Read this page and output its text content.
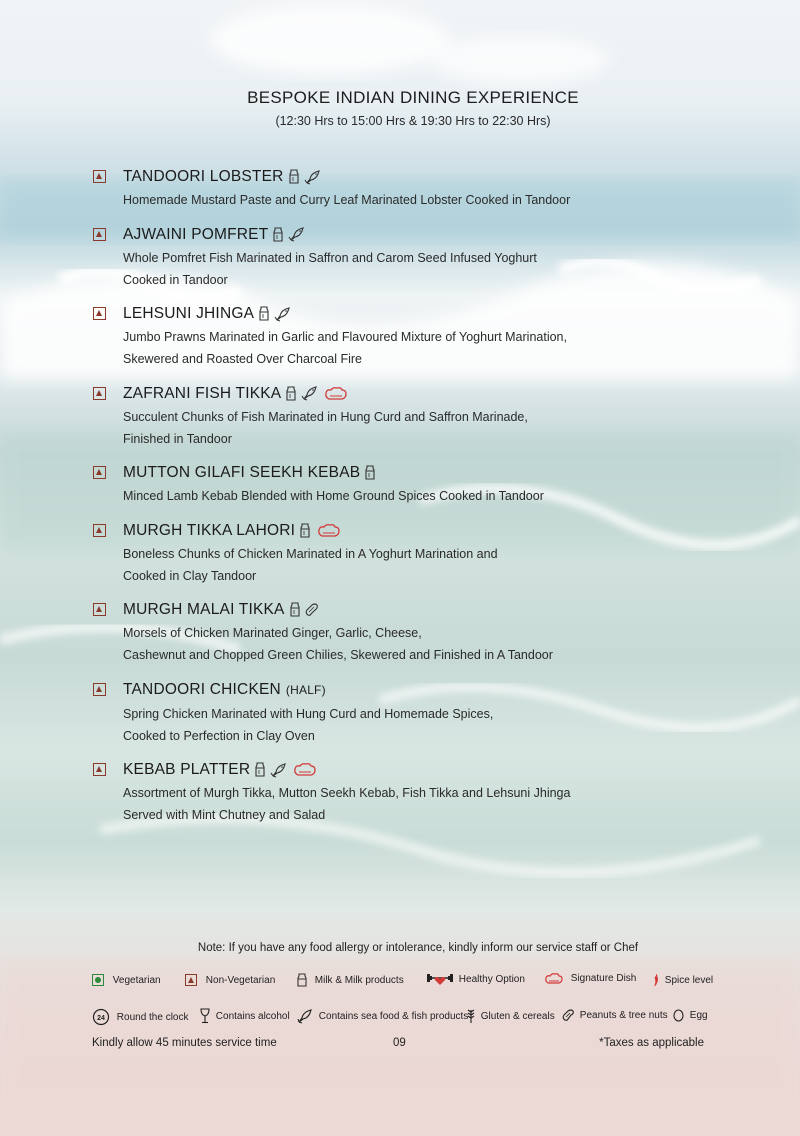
BESPOKE INDIAN DINING EXPERIENCE
(12:30 Hrs to 15:00 Hrs & 19:30 Hrs to 22:30 Hrs)
TANDOORI LOBSTER
Homemade Mustard Paste and Curry Leaf Marinated Lobster Cooked in Tandoor
AJWAINI POMFRET
Whole Pomfret Fish Marinated in Saffron and Carom Seed Infused Yoghurt
Cooked in Tandoor
LEHSUNI JHINGA
Jumbo Prawns Marinated in Garlic and Flavoured Mixture of Yoghurt Marination,
Skewered and Roasted Over Charcoal Fire
ZAFRANI FISH TIKKA
Succulent Chunks of Fish Marinated in Hung Curd and Saffron Marinade,
Finished in Tandoor
MUTTON GILAFI SEEKH KEBAB
Minced Lamb Kebab Blended with Home Ground Spices Cooked in Tandoor
MURGH TIKKA LAHORI
Boneless Chunks of Chicken Marinated in A Yoghurt Marination and
Cooked in Clay Tandoor
MURGH MALAI TIKKA
Morsels of Chicken Marinated Ginger, Garlic, Cheese,
Cashewnut and Chopped Green Chilies, Skewered and Finished in A Tandoor
TANDOORI CHICKEN (HALF)
Spring Chicken Marinated with Hung Curd and Homemade Spices,
Cooked to Perfection in Clay Oven
KEBAB PLATTER
Assortment of Murgh Tikka, Mutton Seekh Kebab, Fish Tikka and Lehsuni Jhinga
Served with Mint Chutney and Salad
Note: If you have any food allergy or intolerance, kindly inform our service staff or Chef
Vegetarian	Non-Vegetarian	Milk & Milk products	Healthy Option	Signature Dish	Spice level
24 Round the clock	Contains alcohol	Contains sea food & fish products	Gluten & cereals	Peanuts & tree nuts	Egg
Kindly allow 45 minutes service time	09	*Taxes as applicable
